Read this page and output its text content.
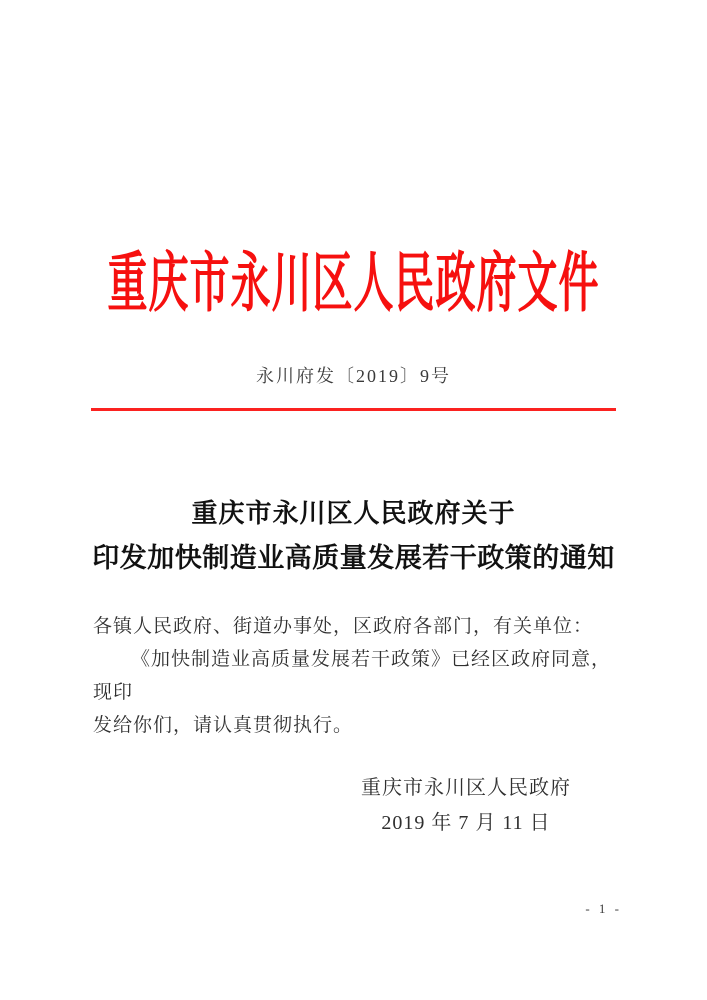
重庆市永川区人民政府文件
永川府发〔2019〕9号
重庆市永川区人民政府关于
印发加快制造业高质量发展若干政策的通知
各镇人民政府、街道办事处，区政府各部门，有关单位：
《加快制造业高质量发展若干政策》已经区政府同意，现印
发给你们，请认真贯彻执行。
重庆市永川区人民政府
2019 年 7 月 11 日
- 1 -
